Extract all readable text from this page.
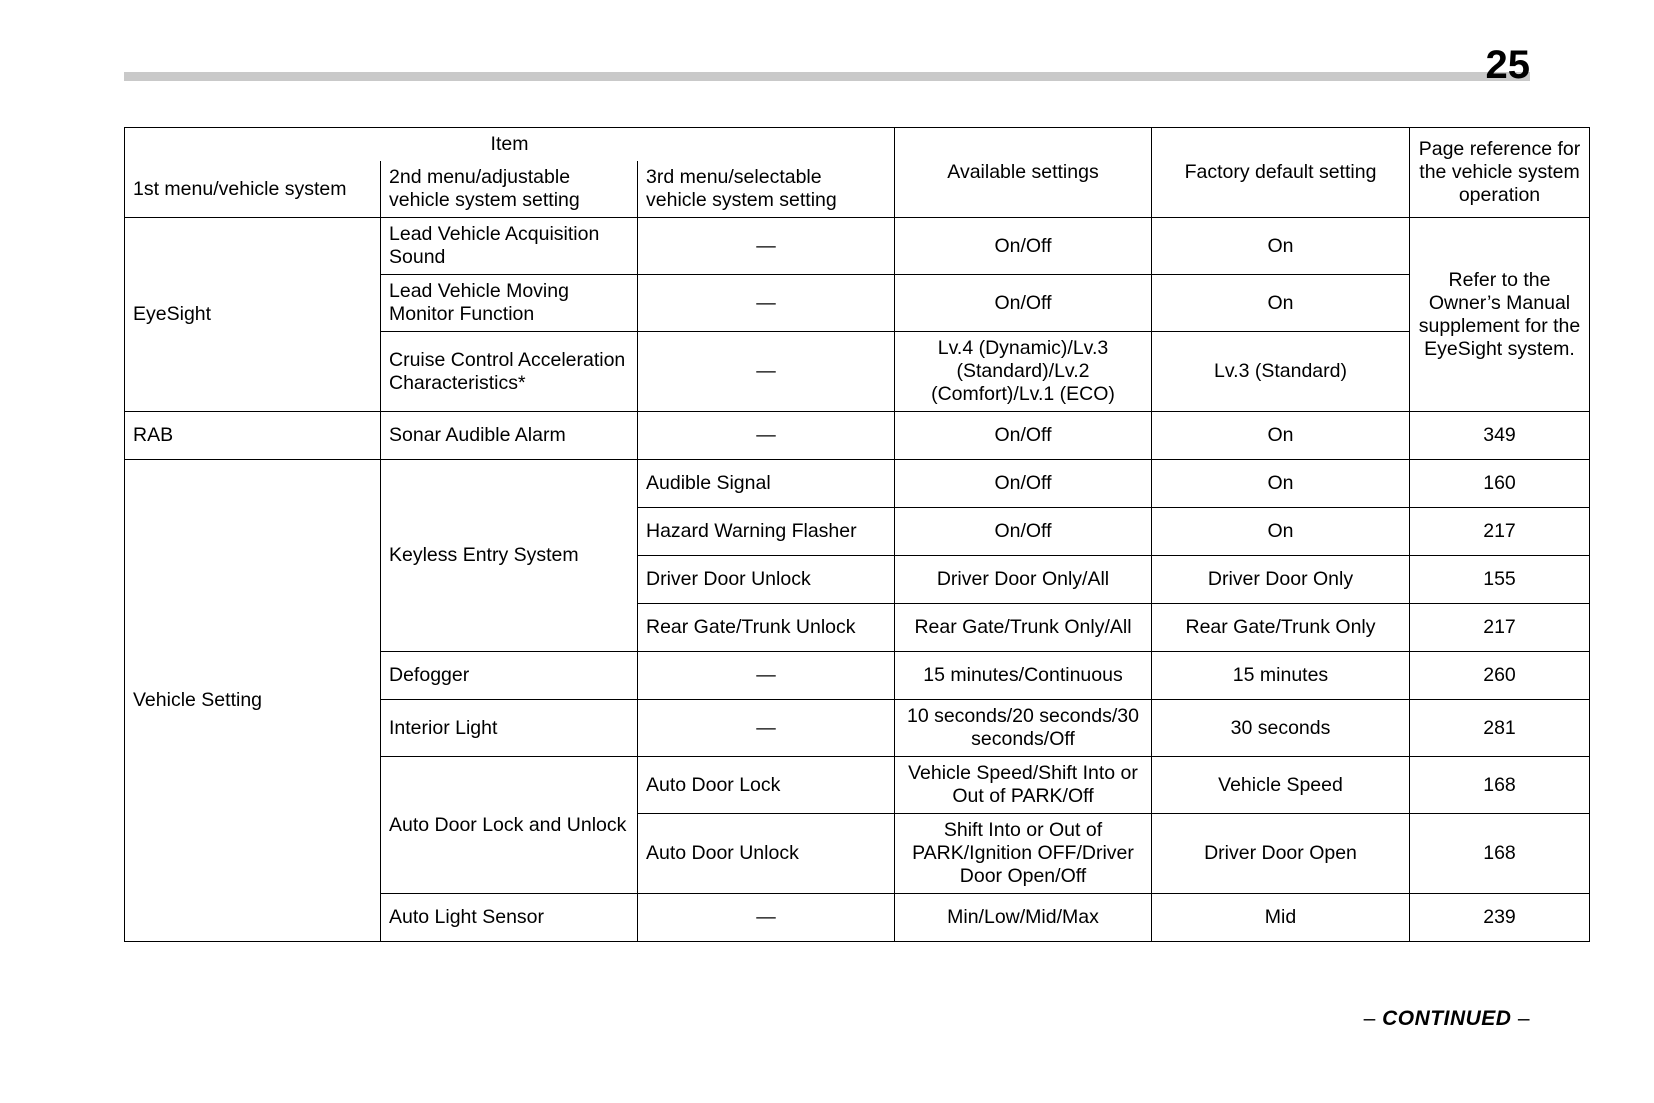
25
Item			Available settings	Factory default setting	Page reference for the vehicle system operation
1st menu/vehicle system	2nd menu/adjustable vehicle system setting	3rd menu/selectable vehicle system setting			
EyeSight	Lead Vehicle Acquisition Sound	—	On/Off	On	Refer to the Owner’s Manual supplement for the EyeSight system.
	Lead Vehicle Moving Monitor Function	—	On/Off	On	
	Cruise Control Acceleration Characteristics*	—	Lv.4 (Dynamic)/Lv.3 (Standard)/Lv.2 (Comfort)/Lv.1 (ECO)	Lv.3 (Standard)	
RAB	Sonar Audible Alarm	—	On/Off	On	349
Vehicle Setting	Keyless Entry System	Audible Signal	On/Off	On	160
		Hazard Warning Flasher	On/Off	On	217
		Driver Door Unlock	Driver Door Only/All	Driver Door Only	155
		Rear Gate/Trunk Unlock	Rear Gate/Trunk Only/All	Rear Gate/Trunk Only	217
	Defogger	—	15 minutes/Continuous	15 minutes	260
	Interior Light	—	10 seconds/20 seconds/30 seconds/Off	30 seconds	281
	Auto Door Lock and Unlock	Auto Door Lock	Vehicle Speed/Shift Into or Out of PARK/Off	Vehicle Speed	168
		Auto Door Unlock	Shift Into or Out of PARK/Ignition OFF/Driver Door Open/Off	Driver Door Open	168
	Auto Light Sensor	—	Min/Low/Mid/Max	Mid	239
– CONTINUED –
